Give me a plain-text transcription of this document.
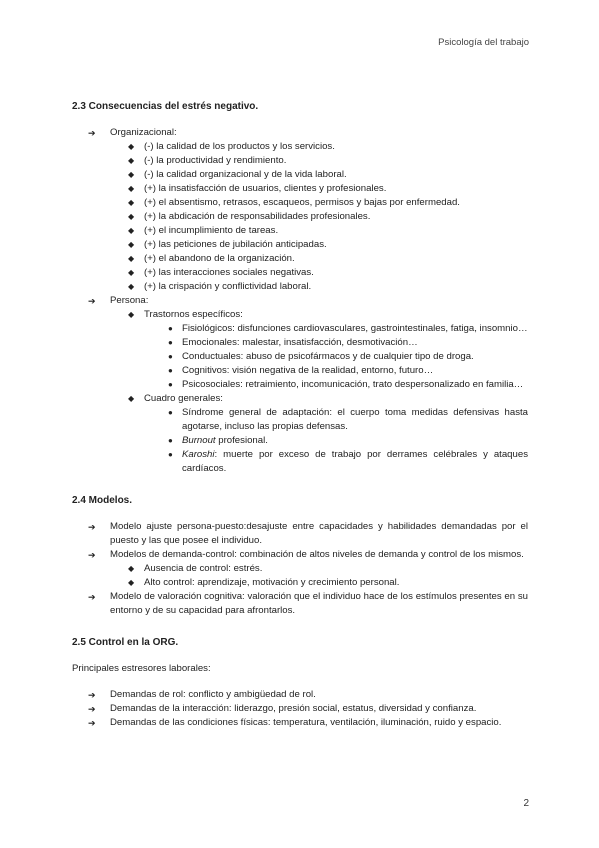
Psicología del trabajo
2.3 Consecuencias del estrés negativo.
➔ Organizacional:
◆ (-) la calidad de los productos y los servicios.
◆ (-) la productividad y rendimiento.
◆ (-) la calidad organizacional y de la vida laboral.
◆ (+) la insatisfacción de usuarios, clientes y profesionales.
◆ (+) el absentismo, retrasos, escaqueos, permisos y bajas por enfermedad.
◆ (+) la abdicación de responsabilidades profesionales.
◆ (+) el incumplimiento de tareas.
◆ (+) las peticiones de jubilación anticipadas.
◆ (+) el abandono de la organización.
◆ (+) las interacciones sociales negativas.
◆ (+) la crispación y conflictividad laboral.
➔ Persona:
◆ Trastornos específicos:
● Fisiológicos: disfunciones cardiovasculares, gastrointestinales, fatiga, insomnio…
● Emocionales: malestar, insatisfacción, desmotivación…
● Conductuales: abuso de psicofármacos y de cualquier tipo de droga.
● Cognitivos: visión negativa de la realidad, entorno, futuro…
● Psicosociales: retraimiento, incomunicación, trato despersonalizado en familia…
◆ Cuadro generales:
● Síndrome general de adaptación: el cuerpo toma medidas defensivas hasta agotarse, incluso las propias defensas.
● Burnout profesional.
● Karoshi: muerte por exceso de trabajo por derrames celébrales y ataques cardíacos.
2.4 Modelos.
➔ Modelo ajuste persona-puesto:desajuste entre capacidades y habilidades demandadas por el puesto y las que posee el individuo.
➔ Modelos de demanda-control: combinación de altos niveles de demanda y control de los mismos.
◆ Ausencia de control: estrés.
◆ Alto control: aprendizaje, motivación y crecimiento personal.
➔ Modelo de valoración cognitiva: valoración que el individuo hace de los estímulos presentes en su entorno y de su capacidad para afrontarlos.
2.5 Control en la ORG.

Principales estresores laborales:

➔ Demandas de rol: conflicto y ambigüedad de rol.
➔ Demandas de la interacción: liderazgo, presión social, estatus, diversidad y confianza.
➔ Demandas de las condiciones físicas: temperatura, ventilación, iluminación, ruido y espacio.
2
